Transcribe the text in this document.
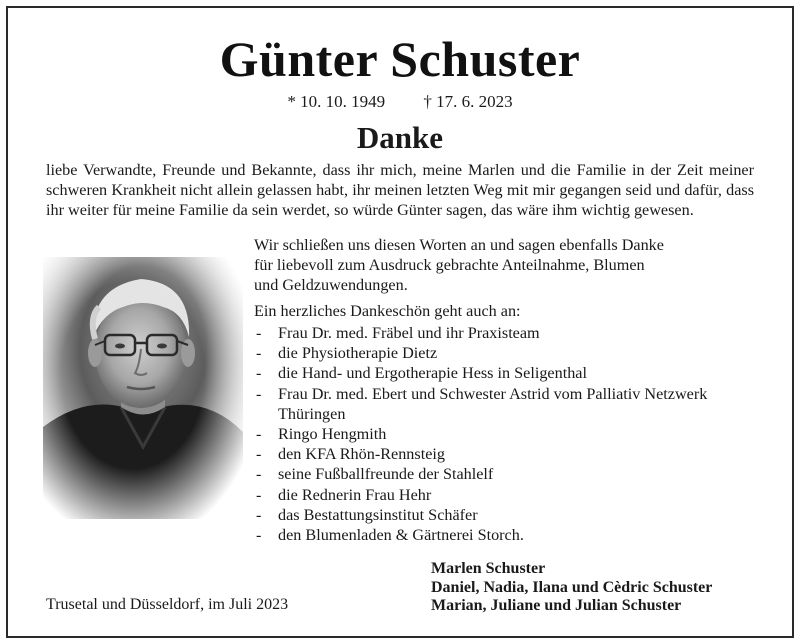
Günter Schuster
* 10. 10. 1949 † 17. 6. 2023
Danke
liebe Verwandte, Freunde und Bekannte, dass ihr mich, meine Marlen und die Familie in der Zeit meiner schweren Krankheit nicht allein gelassen habt, ihr meinen letzten Weg mit mir gegangen seid und dafür, dass ihr weiter für meine Familie da sein werdet, so würde Günter sagen, das wäre ihm wichtig gewesen.

Wir schließen uns diesen Worten an und sagen ebenfalls Danke
für liebevoll zum Ausdruck gebrachte Anteilnahme, Blumen
und Geldzuwendungen.

Ein herzliches Dankeschön geht auch an:

- Frau Dr. med. Fräbel und ihr Praxisteam
- die Physiotherapie Dietz
- die Hand- und Ergotherapie Hess in Seligenthal
- Frau Dr. med. Ebert und Schwester Astrid vom Palliativ Netzwerk Thüringen
- Ringo Hengmith
- den KFA Rhön-Rennsteig
- seine Fußballfreunde der Stahlelf
- die Rednerin Frau Hehr
- das Bestattungsinstitut Schäfer
- den Blumenladen & Gärtnerei Storch.
Marlen Schuster
Daniel, Nadia, Ilana und Cèdric Schuster
Marian, Juliane und Julian Schuster
Trusetal und Düsseldorf, im Juli 2023
